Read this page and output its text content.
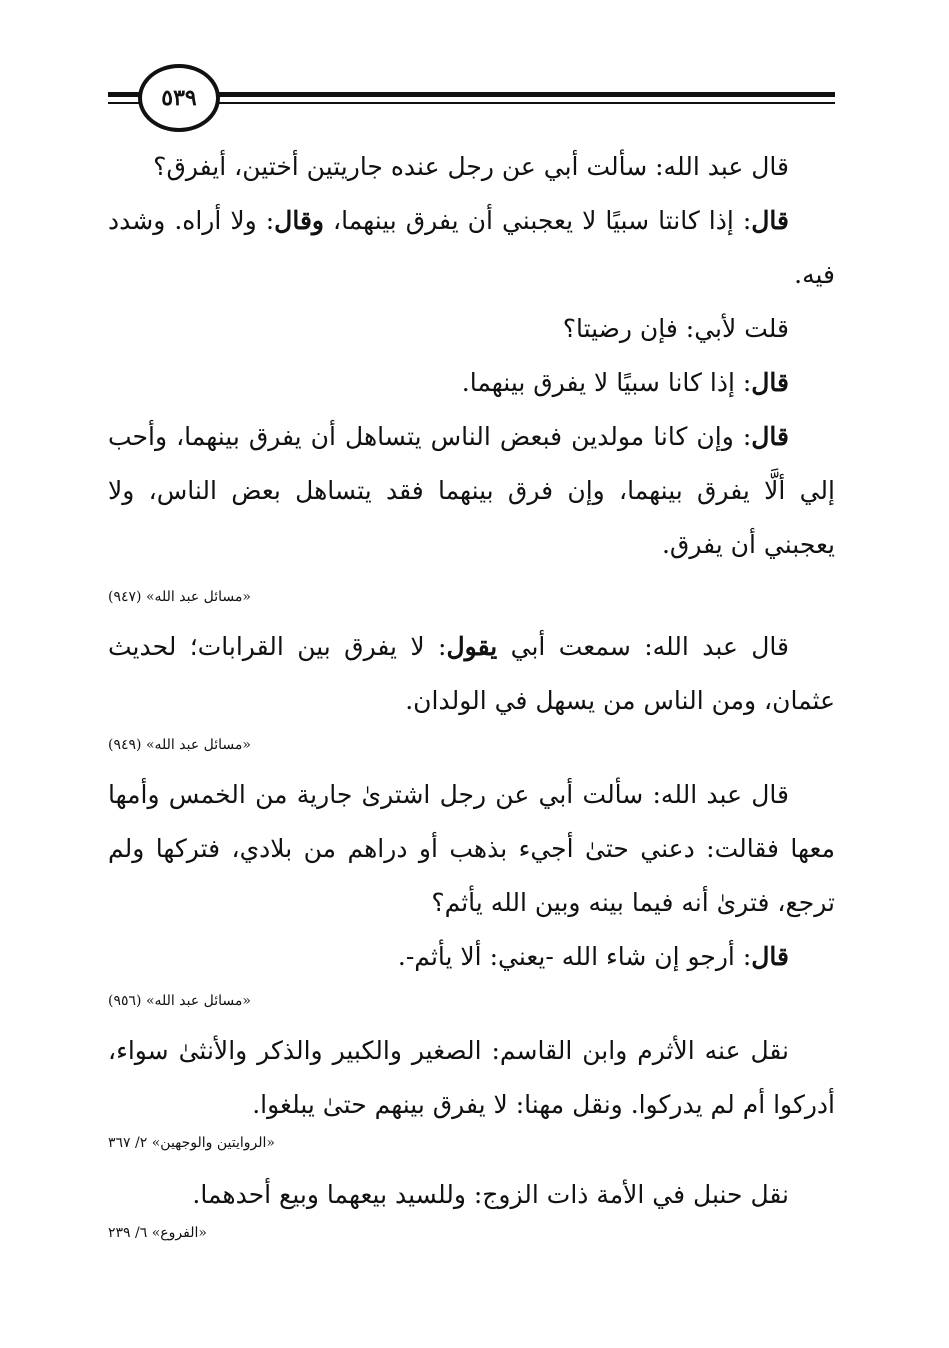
٥٣٩

قال عبد الله: سألت أبي عن رجل عنده جاريتين أختين، أيفرق؟

قال: إذا كانتا سبيًا لا يعجبني أن يفرق بينهما، وقال: ولا أراه. وشدد فيه.

قلت لأبي: فإن رضيتا؟

قال: إذا كانا سبيًا لا يفرق بينهما.

قال: وإن كانا مولدين فبعض الناس يتساهل أن يفرق بينهما، وأحب إلي ألَّا يفرق بينهما، وإن فرق بينهما فقد يتساهل بعض الناس، ولا يعجبني أن يفرق.

«مسائل عبد الله» (٩٤٧)

قال عبد الله: سمعت أبي يقول: لا يفرق بين القرابات؛ لحديث عثمان، ومن الناس من يسهل في الولدان.

«مسائل عبد الله» (٩٤٩)

قال عبد الله: سألت أبي عن رجل اشترىٰ جارية من الخمس وأمها معها فقالت: دعني حتىٰ أجيء بذهب أو دراهم من بلادي، فتركها ولم ترجع، فترىٰ أنه فيما بينه وبين الله يأثم؟

قال: أرجو إن شاء الله -يعني: ألا يأثم-.

«مسائل عبد الله» (٩٥٦)

نقل عنه الأثرم وابن القاسم: الصغير والكبير والذكر والأنثىٰ سواء، أدركوا أم لم يدركوا. ونقل مهنا: لا يفرق بينهم حتىٰ يبلغوا.

«الروايتين والوجهين» ٢/ ٣٦٧

نقل حنبل في الأمة ذات الزوج: وللسيد بيعهما وبيع أحدهما.

«الفروع» ٦/ ٢٣٩
